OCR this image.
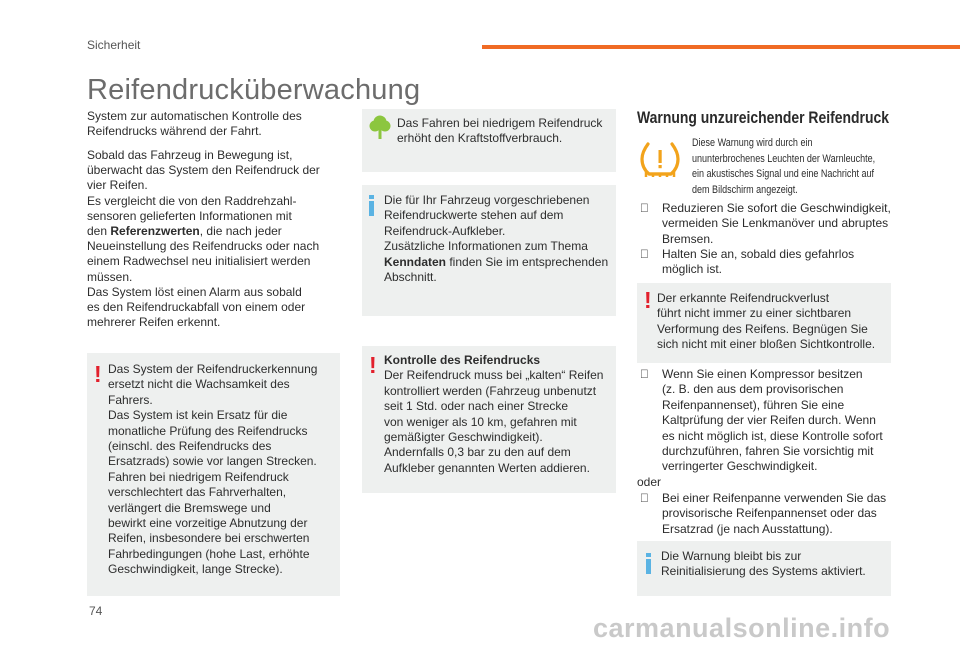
Sicherheit
Reifendrucküberwachung

System zur automatischen Kontrolle des

Reifendrucks während der Fahrt.

Sobald das Fahrzeug in Bewegung ist,

überwacht das System den Reifendruck der

vier Reifen.

Es vergleicht die von den Raddrehzahl-

sensoren gelieferten Informationen mit

den Referenzwerten, die nach jeder

Neueinstellung des Reifendrucks oder nach

einem Radwechsel neu initialisiert werden

müssen.

Das System löst einen Alarm aus sobald

es den Reifendruckabfall von einem oder

mehrerer Reifen erkennt.

! Das System der Reifendruckerkennung

ersetzt nicht die Wachsamkeit des

Fahrers.

Das System ist kein Ersatz für die

monatliche Prüfung des Reifendrucks

(einschl. des Reifendrucks des

Ersatzrads) sowie vor langen Strecken.

Fahren bei niedrigem Reifendruck

verschlechtert das Fahrverhalten,

verlängert die Bremswege und

bewirkt eine vorzeitige Abnutzung der

Reifen, insbesondere bei erschwerten

Fahrbedingungen (hohe Last, erhöhte

Geschwindigkeit, lange Strecke).

Das Fahren bei niedrigem Reifendruck

erhöht den Kraftstoffverbrauch.

Die für Ihr Fahrzeug vorgeschriebenen

Reifendruckwerte stehen auf dem

Reifendruck-Aufkleber.

Zusätzliche Informationen zum Thema

Kenndaten finden Sie im entsprechenden

Abschnitt.

! Kontrolle des Reifendrucks

Der Reifendruck muss bei „kalten“ Reifen

kontrolliert werden (Fahrzeug unbenutzt

seit 1 Std. oder nach einer Strecke

von weniger als 10 km, gefahren mit

gemäßigter Geschwindigkeit).

Andernfalls 0,3 bar zu den auf dem

Aufkleber genannten Werten addieren.

Warnung unzureichender Reifendruck
Diese Warnung wird durch ein
ununterbrochenes Leuchten der Warnleuchte,
ein akustisches Signal und eine Nachricht auf
dem Bildschirm angezeigt.

Reduzieren Sie sofort die Geschwindigkeit,

vermeiden Sie Lenkmanöver und abruptes

Bremsen.

Halten Sie an, sobald dies gefahrlos

möglich ist.

! Der erkannte Reifendruckverlust

führt nicht immer zu einer sichtbaren

Verformung des Reifens. Begnügen Sie

sich nicht mit einer bloßen Sichtkontrolle.

Wenn Sie einen Kompressor besitzen

(z. B. den aus dem provisorischen

Reifenpannenset), führen Sie eine

Kaltprüfung der vier Reifen durch. Wenn

es nicht möglich ist, diese Kontrolle sofort

durchzuführen, fahren Sie vorsichtig mit

verringerter Geschwindigkeit.

oder

Bei einer Reifenpanne verwenden Sie das

provisorische Reifenpannenset oder das

Ersatzrad (je nach Ausstattung).

Die Warnung bleibt bis zur

Reinitialisierung des Systems aktiviert.

74
carmanualsonline.info
